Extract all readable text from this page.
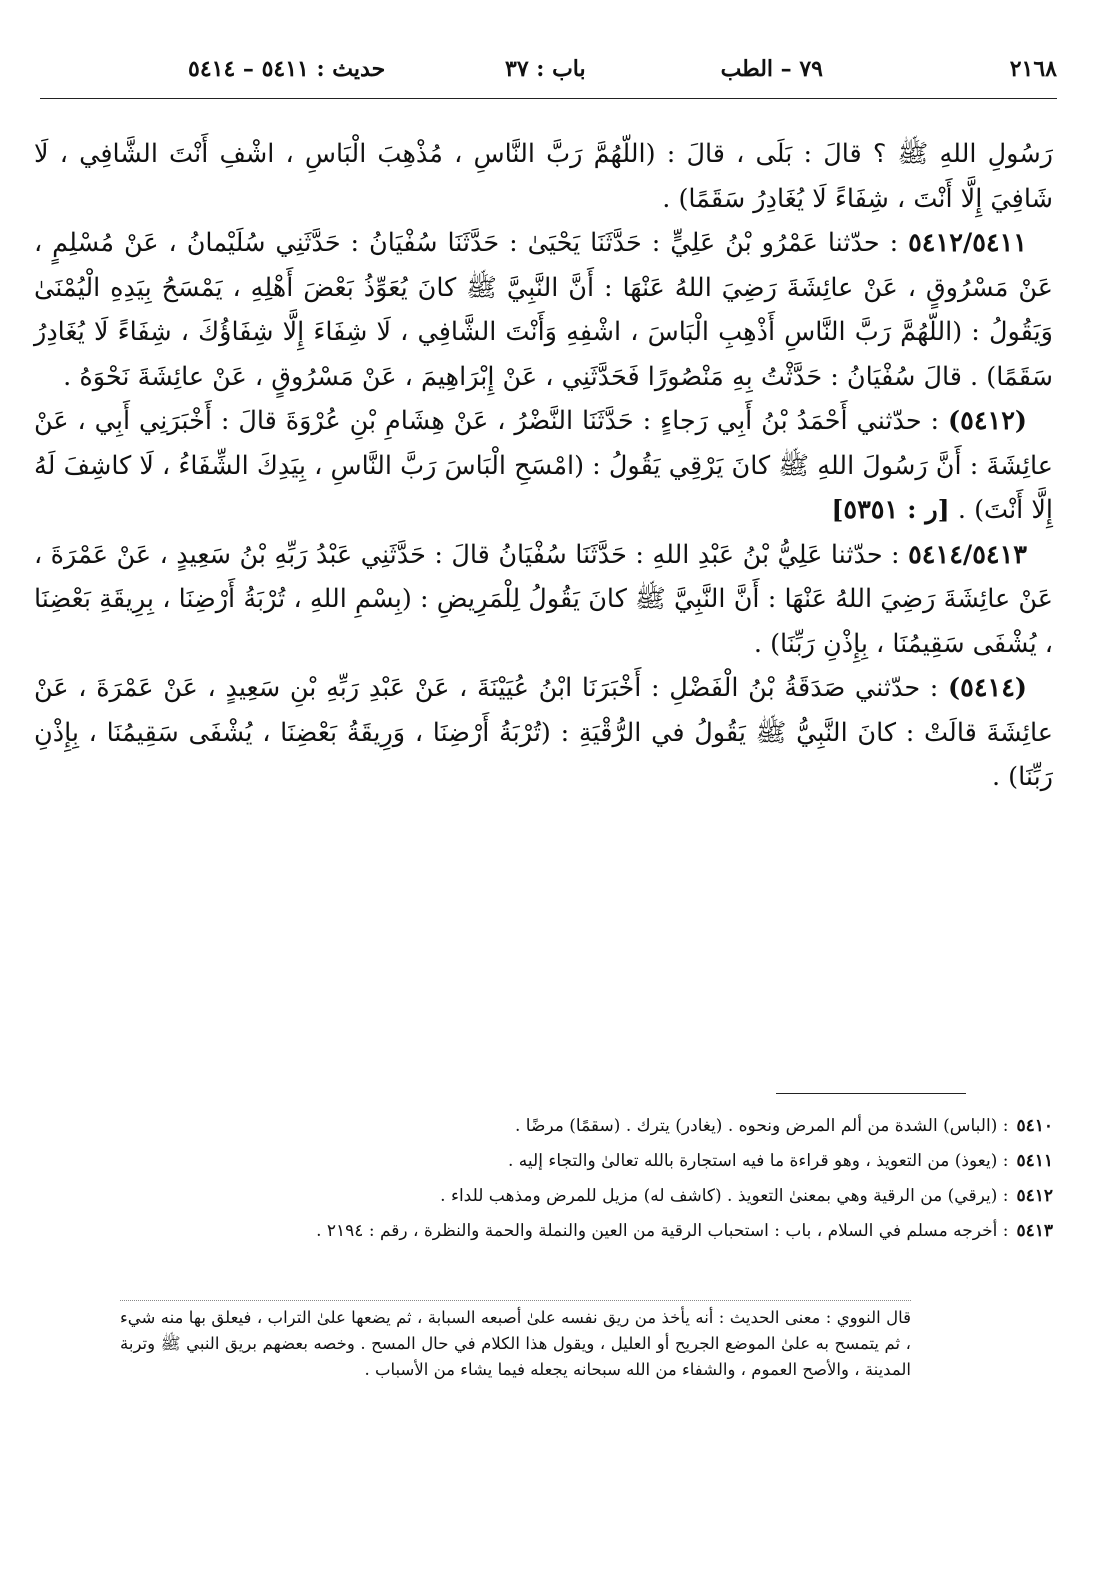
٢١٦٨
٧٩ – الطب
باب : ٣٧
حديث : ٥٤١١ – ٥٤١٤

رَسُولِ اللهِ ﷺ ؟ قالَ : بَلَى ، قالَ : (اللّهُمَّ رَبَّ النَّاسِ ، مُذْهِبَ الْبَاسِ ، اشْفِ أَنْتَ الشَّافِي ، لَا شَافِيَ إِلَّا أَنْتَ ، شِفَاءً لَا يُغَادِرُ سَقَمًا) .

٥٤١٢/٥٤١١ : حدّثنا عَمْرُو بْنُ عَلِيٍّ : حَدَّثَنَا يَحْيَىٰ : حَدَّثَنَا سُفْيَانُ : حَدَّثَنِي سُلَيْمانُ ، عَنْ مُسْلِمٍ ، عَنْ مَسْرُوقٍ ، عَنْ عائِشَةَ رَضِيَ اللهُ عَنْهَا : أَنَّ النَّبِيَّ ﷺ كانَ يُعَوِّذُ بَعْضَ أَهْلِهِ ، يَمْسَحُ بِيَدِهِ الْيُمْنَىٰ وَيَقُولُ : (اللّهُمَّ رَبَّ النَّاسِ أَذْهِبِ الْبَاسَ ، اشْفِهِ وَأَنْتَ الشَّافِي ، لَا شِفَاءَ إِلَّا شِفَاؤُكَ ، شِفَاءً لَا يُغَادِرُ سَقَمًا) . قالَ سُفْيَانُ : حَدَّثْتُ بِهِ مَنْصُورًا فَحَدَّثَنِي ، عَنْ إِبْرَاهِيمَ ، عَنْ مَسْرُوقٍ ، عَنْ عائِشَةَ نَحْوَهُ .

(٥٤١٢) : حدّثني أَحْمَدُ بْنُ أَبِي رَجاءٍ : حَدَّثَنَا النَّضْرُ ، عَنْ هِشَامِ بْنِ عُرْوَةَ قالَ : أَخْبَرَنِي أَبِي ، عَنْ عائِشَةَ : أَنَّ رَسُولَ اللهِ ﷺ كانَ يَرْقِي يَقُولُ : (امْسَحِ الْبَاسَ رَبَّ النَّاسِ ، بِيَدِكَ الشِّفَاءُ ، لَا كاشِفَ لَهُ إِلَّا أَنْتَ) . [ر : ٥٣٥١]

٥٤١٤/٥٤١٣ : حدّثنا عَلِيُّ بْنُ عَبْدِ اللهِ : حَدَّثَنَا سُفْيَانُ قالَ : حَدَّثَنِي عَبْدُ رَبِّهِ بْنُ سَعِيدٍ ، عَنْ عَمْرَةَ ، عَنْ عائِشَةَ رَضِيَ اللهُ عَنْهَا : أَنَّ النَّبِيَّ ﷺ كانَ يَقُولُ لِلْمَرِيضِ : (بِسْمِ اللهِ ، تُرْبَةُ أَرْضِنَا ، بِرِيقَةِ بَعْضِنَا ، يُشْفَى سَقِيمُنَا ، بِإِذْنِ رَبِّنَا) .

(٥٤١٤) : حدّثني صَدَقَةُ بْنُ الْفَضْلِ : أَخْبَرَنَا ابْنُ عُيَيْنَةَ ، عَنْ عَبْدِ رَبِّهِ بْنِ سَعِيدٍ ، عَنْ عَمْرَةَ ، عَنْ عائِشَةَ قالَتْ : كانَ النَّبِيُّ ﷺ يَقُولُ في الرُّقْيَةِ : (تُرْبَةُ أَرْضِنَا ، وَرِيقَةُ بَعْضِنَا ، يُشْفَى سَقِيمُنَا ، بِإِذْنِ رَبِّنَا) .

٥٤١٠: (الباس) الشدة من ألم المرض ونحوه . (يغادر) يترك . (سقمًا) مرضًا .

٥٤١١: (يعوذ) من التعويذ ، وهو قراءة ما فيه استجارة بالله تعالىٰ والتجاء إليه .

٥٤١٢: (يرقي) من الرقية وهي بمعنىٰ التعويذ . (كاشف له) مزيل للمرض ومذهب للداء .

٥٤١٣: أخرجه مسلم في السلام ، باب : استحباب الرقية من العين والنملة والحمة والنظرة ، رقم : ٢١٩٤ .

قال النووي : معنى الحديث : أنه يأخذ من ريق نفسه علىٰ أصبعه السبابة ، ثم يضعها علىٰ التراب ، فيعلق بها منه شيء ، ثم يتمسح به علىٰ الموضع الجريح أو العليل ، ويقول هذا الكلام في حال المسح . وخصه بعضهم بريق النبي ﷺ وتربة المدينة ، والأصح العموم ، والشفاء من الله سبحانه يجعله فيما يشاء من الأسباب .
